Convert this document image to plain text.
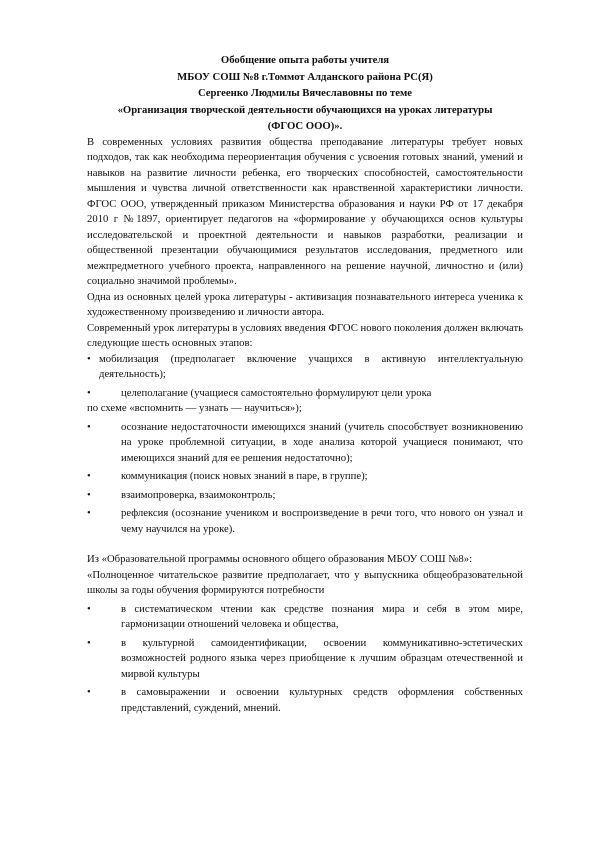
Обобщение опыта работы учителя
МБОУ СОШ №8 г.Томмот Алданского района РС(Я)
Сергеенко Людмилы Вячеславовны по теме
«Организация творческой деятельности обучающихся на уроках литературы
(ФГОС ООО)».

В современных условиях развития общества преподавание литературы требует новых подходов, так как необходима переориентация обучения с усвоения готовых знаний, умений и навыков на развитие личности ребенка, его творческих способностей, самостоятельности мышления и чувства личной ответственности как нравственной характеристики личности. ФГОС ООО, утвержденный приказом Министерства образования и науки РФ от 17 декабря 2010 г №1897, ориентирует педагогов на «формирование у обучающихся основ культуры исследовательской и проектной деятельности и навыков разработки, реализации и общественной презентации обучающимися результатов исследования, предметного или межпредметного учебного проекта, направленного на решение научной, личностно и (или) социально значимой проблемы».

Одна из основных целей урока литературы - активизация познавательного интереса ученика к художественному произведению и личности автора.

Современный урок литературы в условиях введения ФГОС нового поколения должен включать следующие шесть основных этапов:

• мобилизация (предполагает включение учащихся в активную интеллектуальную деятельность);
•	целеполагание (учащиеся самостоятельно формулируют цели урока

по схеме «вспомнить — узнать — научиться»);

•	осознание недостаточности имеющихся знаний (учитель способствует возникновению на уроке проблемной ситуации, в ходе анализа которой учащиеся понимают, что имеющихся знаний для ее решения недостаточно);
•	коммуникация (поиск новых знаний в паре, в группе);
•	взаимопроверка, взаимоконтроль;
•	рефлексия (осознание учеником и воспроизведение в речи того, что нового он узнал и чему научился на уроке).

Из «Образовательной программы основного общего образования МБОУ СОШ №8»:

«Полноценное читательское развитие предполагает, что у выпускника общеобразовательной школы за годы обучения формируются потребности

•	в систематическом чтении как средстве познания мира и себя в этом мире, гармонизации отношений человека и общества,
•	в культурной самоидентификации, освоении коммуникативно-эстетических возможностей родного языка через приобщение к лучшим образцам отечественной и мирвой культуры
•	в самовыражении и освоении культурных средств оформления собственных представлений, суждений, мнений.
